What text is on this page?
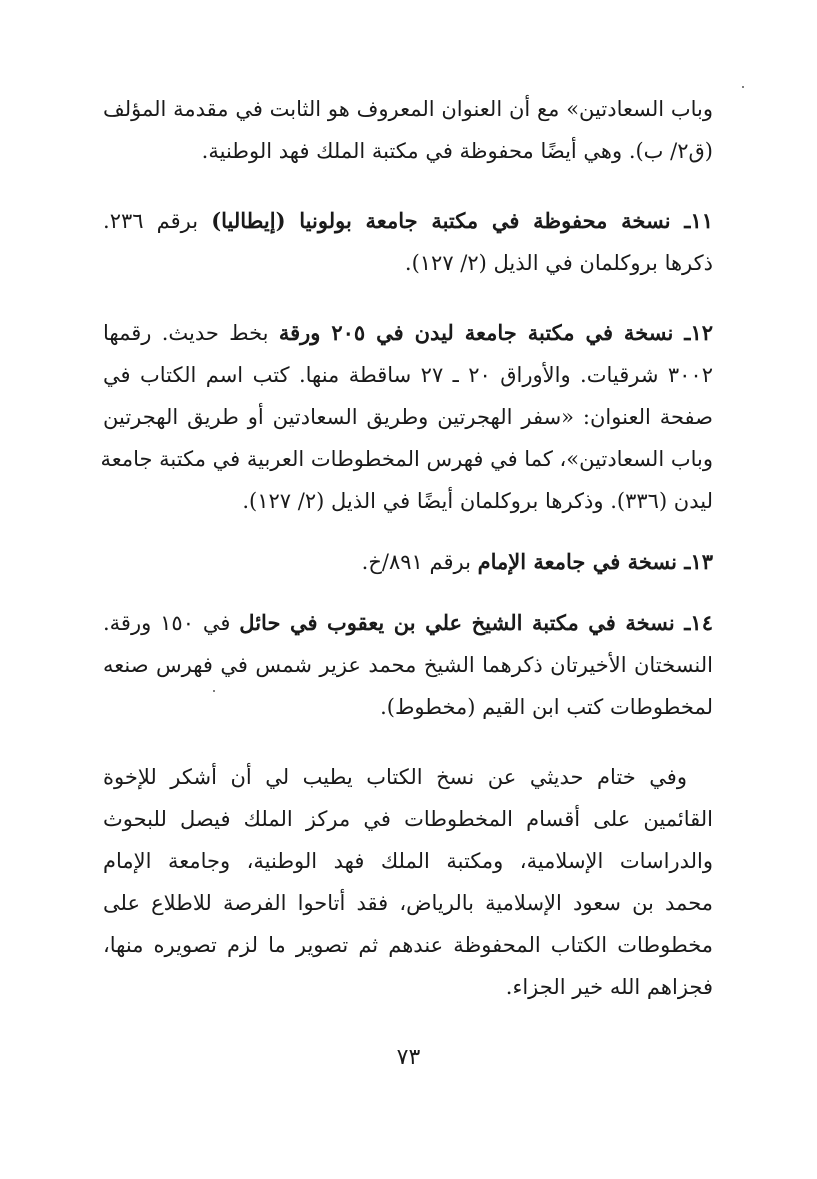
وباب السعادتين» مع أن العنوان المعروف هو الثابت في مقدمة المؤلف
(ق٢/ ب). وهي أيضًا محفوظة في مكتبة الملك فهد الوطنية.

١١ـ نسخة محفوظة في مكتبة جامعة بولونيا (إيطاليا) برقم ٢٣٦.
ذكرها بروكلمان في الذيل (٢/ ١٢٧).

١٢ـ نسخة في مكتبة جامعة ليدن في ٢٠٥ ورقة بخط حديث. رقمها
٣٠٠٢ شرقيات. والأوراق ٢٠ ـ ٢٧ ساقطة منها. كتب اسم الكتاب في
صفحة العنوان: «سفر الهجرتين وطريق السعادتين أو طريق الهجرتين
وباب السعادتين»، كما في فهرس المخطوطات العربية في مكتبة جامعة
ليدن (٣٣٦). وذكرها بروكلمان أيضًا في الذيل (٢/ ١٢٧).

١٣ـ نسخة في جامعة الإمام برقم ٨٩١/خ.

١٤ـ نسخة في مكتبة الشيخ علي بن يعقوب في حائل في ١٥٠ ورقة.
النسختان الأخيرتان ذكرهما الشيخ محمد عزير شمس في فهرس صنعه
لمخطوطات كتب ابن القيم (مخطوط).

وفي ختام حديثي عن نسخ الكتاب يطيب لي أن أشكر للإخوة
القائمين على أقسام المخطوطات في مركز الملك فيصل للبحوث
والدراسات الإسلامية، ومكتبة الملك فهد الوطنية، وجامعة الإمام
محمد بن سعود الإسلامية بالرياض، فقد أتاحوا الفرصة للاطلاع على
مخطوطات الكتاب المحفوظة عندهم ثم تصوير ما لزم تصويره منها،
فجزاهم الله خير الجزاء.

٧٣
